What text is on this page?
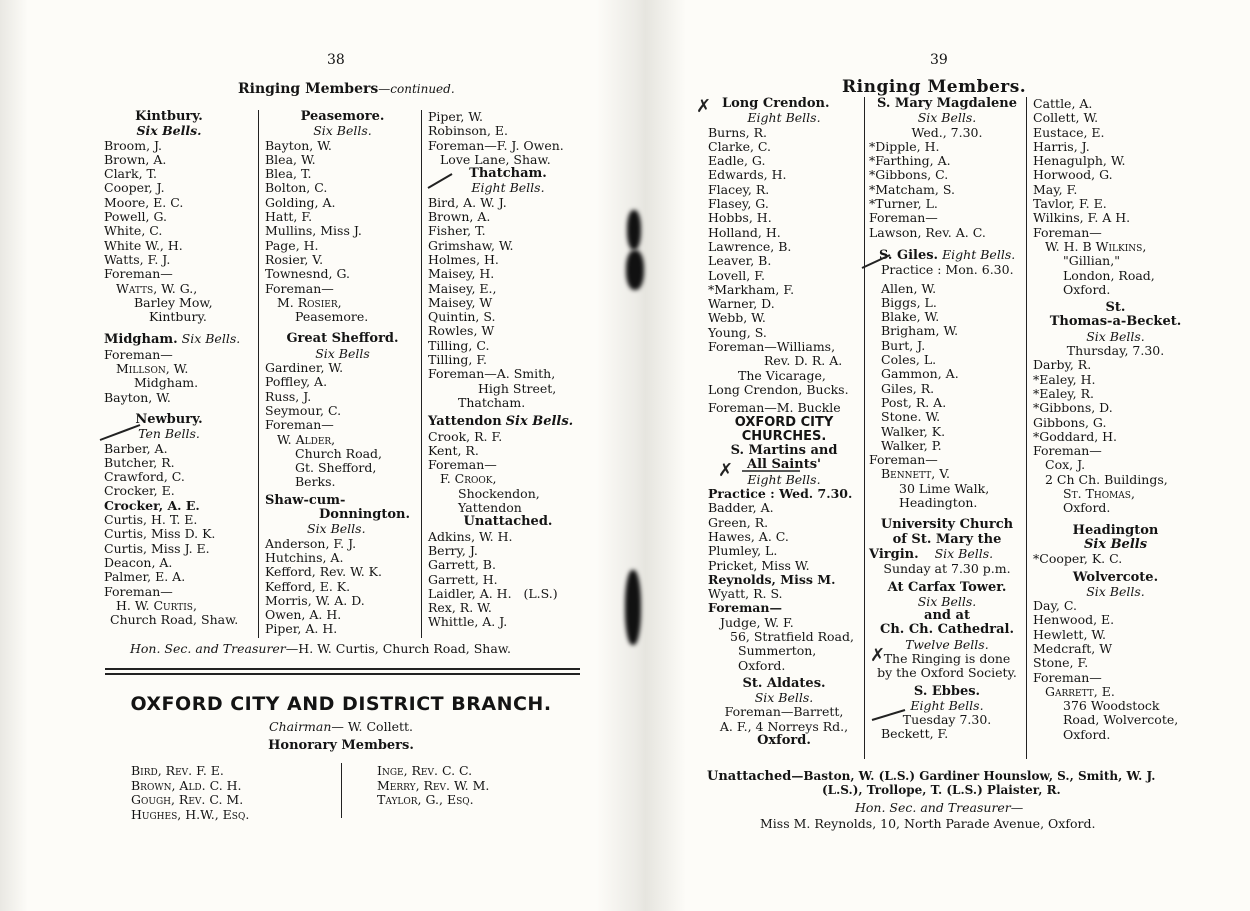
38
Ringing Members—continued.
Kintbury.
Six Bells.
Broom, J.
Brown, A.
Clark, T.
Cooper, J.
Moore, E. C.
Powell, G.
White, C.
White W., H.
Watts, F. J.
Foreman—
Watts, W. G.,
Barley Mow,
Kintbury.
Midgham. Six Bells.
Foreman—
Millson, W.
Midgham.
Bayton, W.
Newbury.
Ten Bells.
Barber, A.
Butcher, R.
Crawford, C.
Crocker, E.
Crocker, A. E.
Curtis, H. T. E.
Curtis, Miss D. K.
Curtis, Miss J. E.
Deacon, A.
Palmer, E. A.
Foreman—
H. W. Curtis,
Church Road, Shaw.
Peasemore.
Six Bells.
Bayton, W.
Blea, W.
Blea, T.
Bolton, C.
Golding, A.
Hatt, F.
Mullins, Miss J.
Page, H.
Rosier, V.
Townesnd, G.
Foreman—
M. Rosier,
Peasemore.
Great Shefford.
Six Bells
Gardiner, W.
Poffley, A.
Russ, J.
Seymour, C.
Foreman—
W. Alder,
Church Road,
Gt. Shefford,
Berks.
Shaw-cum-
Donnington.
Six Bells.
Anderson, F. J.
Hutchins, A.
Kefford, Rev. W. K.
Kefford, E. K.
Morris, W. A. D.
Owen, A. H.
Piper, A. H.
Piper, W.
Robinson, E.
Foreman—F. J. Owen.
Love Lane, Shaw.
Thatcham.
Eight Bells.
Bird, A. W. J.
Brown, A.
Fisher, T.
Grimshaw, W.
Holmes, H.
Maisey, H.
Maisey, E.,
Maisey, W
Quintin, S.
Rowles, W
Tilling, C.
Tilling, F.
Foreman—A. Smith,
High Street,
Thatcham.
Yattendon Six Bells.
Crook, R. F.
Kent, R.
Foreman—
F. Crook,
Shockendon,
Yattendon
Unattached.
Adkins, W. H.
Berry, J.
Garrett, B.
Garrett, H.
Laidler, A. H.   (L.S.)
Rex, R. W.
Whittle, A. J.
Hon. Sec. and Treasurer—H. W. Curtis, Church Road, Shaw.
OXFORD CITY AND DISTRICT BRANCH.
Chairman— W. Collett.
Honorary Members.
Bird, Rev. F. E.
Brown, Ald. C. H.
Gough, Rev. C. M.
Hughes, H.W., Esq.
Inge, Rev. C. C.
Merry, Rev. W. M.
Taylor, G., Esq.
39
Ringing Members.
Long Crendon.
Eight Bells.
Burns, R.
Clarke, C.
Eadle, G.
Edwards, H.
Flacey, R.
Flasey, G.
Hobbs, H.
Holland, H.
Lawrence, B.
Leaver, B.
Lovell, F.
*Markham, F.
Warner, D.
Webb, W.
Young, S.
Foreman—Williams,
Rev. D. R. A.
The Vicarage,
Long Crendon, Bucks.
Foreman—M. Buckle
OXFORD CITY
CHURCHES.
S. Martins and
All Saints'
Eight Bells.
Practice : Wed. 7.30.
Badder, A.
Green, R.
Hawes, A. C.
Plumley, L.
Pricket, Miss W.
Reynolds, Miss M.
Wyatt, R. S.
Foreman—
Judge, W. F.
56, Stratfield Road,
Summerton,
Oxford.
St. Aldates.
Six Bells.
Foreman—Barrett,
A. F., 4 Norreys Rd.,
Oxford.
S. Mary Magdalene
Six Bells.
Wed., 7.30.
*Dipple, H.
*Farthing, A.
*Gibbons, C.
*Matcham, S.
*Turner, L.
Foreman—
Lawson, Rev. A. C.
S. Giles. Eight Bells.
Practice : Mon. 6.30.
Allen, W.
Biggs, L.
Blake, W.
Brigham, W.
Burt, J.
Coles, L.
Gammon, A.
Giles, R.
Post, R. A.
Stone. W.
Walker, K.
Walker, P.
Foreman—
Bennett, V.
30 Lime Walk,
Headington.
University Church
of St. Mary the
Virgin. Six Bells.
Sunday at 7.30 p.m.
At Carfax Tower.
Six Bells.
and at
Ch. Ch. Cathedral.
Twelve Bells.
The Ringing is done
by the Oxford Society.
S. Ebbes.
Eight Bells.
Tuesday 7.30.
Beckett, F.
Cattle, A.
Collett, W.
Eustace, E.
Harris, J.
Henagulph, W.
Horwood, G.
May, F.
Tavlor, F. E.
Wilkins, F. A H.
Foreman—
W. H. B Wilkins,
"Gillian,"
London, Road,
Oxford.
St.
Thomas-a-Becket.
Six Bells.
Thursday, 7.30.
Darby, R.
*Ealey, H.
*Ealey, R.
*Gibbons, D.
Gibbons, G.
*Goddard, H.
Foreman—
Cox, J.
2 Ch Ch. Buildings,
St. Thomas,
Oxford.
Headington
Six Bells
*Cooper, K. C.
Wolvercote.
Six Bells.
Day, C.
Henwood, E.
Hewlett, W.
Medcraft, W
Stone, F.
Foreman—
Garrett, E.
376 Woodstock
Road, Wolvercote,
Oxford.
Unattached—Baston, W. (L.S.) Gardiner Hounslow, S., Smith, W. J.
(L.S.), Trollope, T. (L.S.) Plaister, R.
Hon. Sec. and Treasurer—
Miss M. Reynolds, 10, North Parade Avenue, Oxford.
✗
✗
✗
